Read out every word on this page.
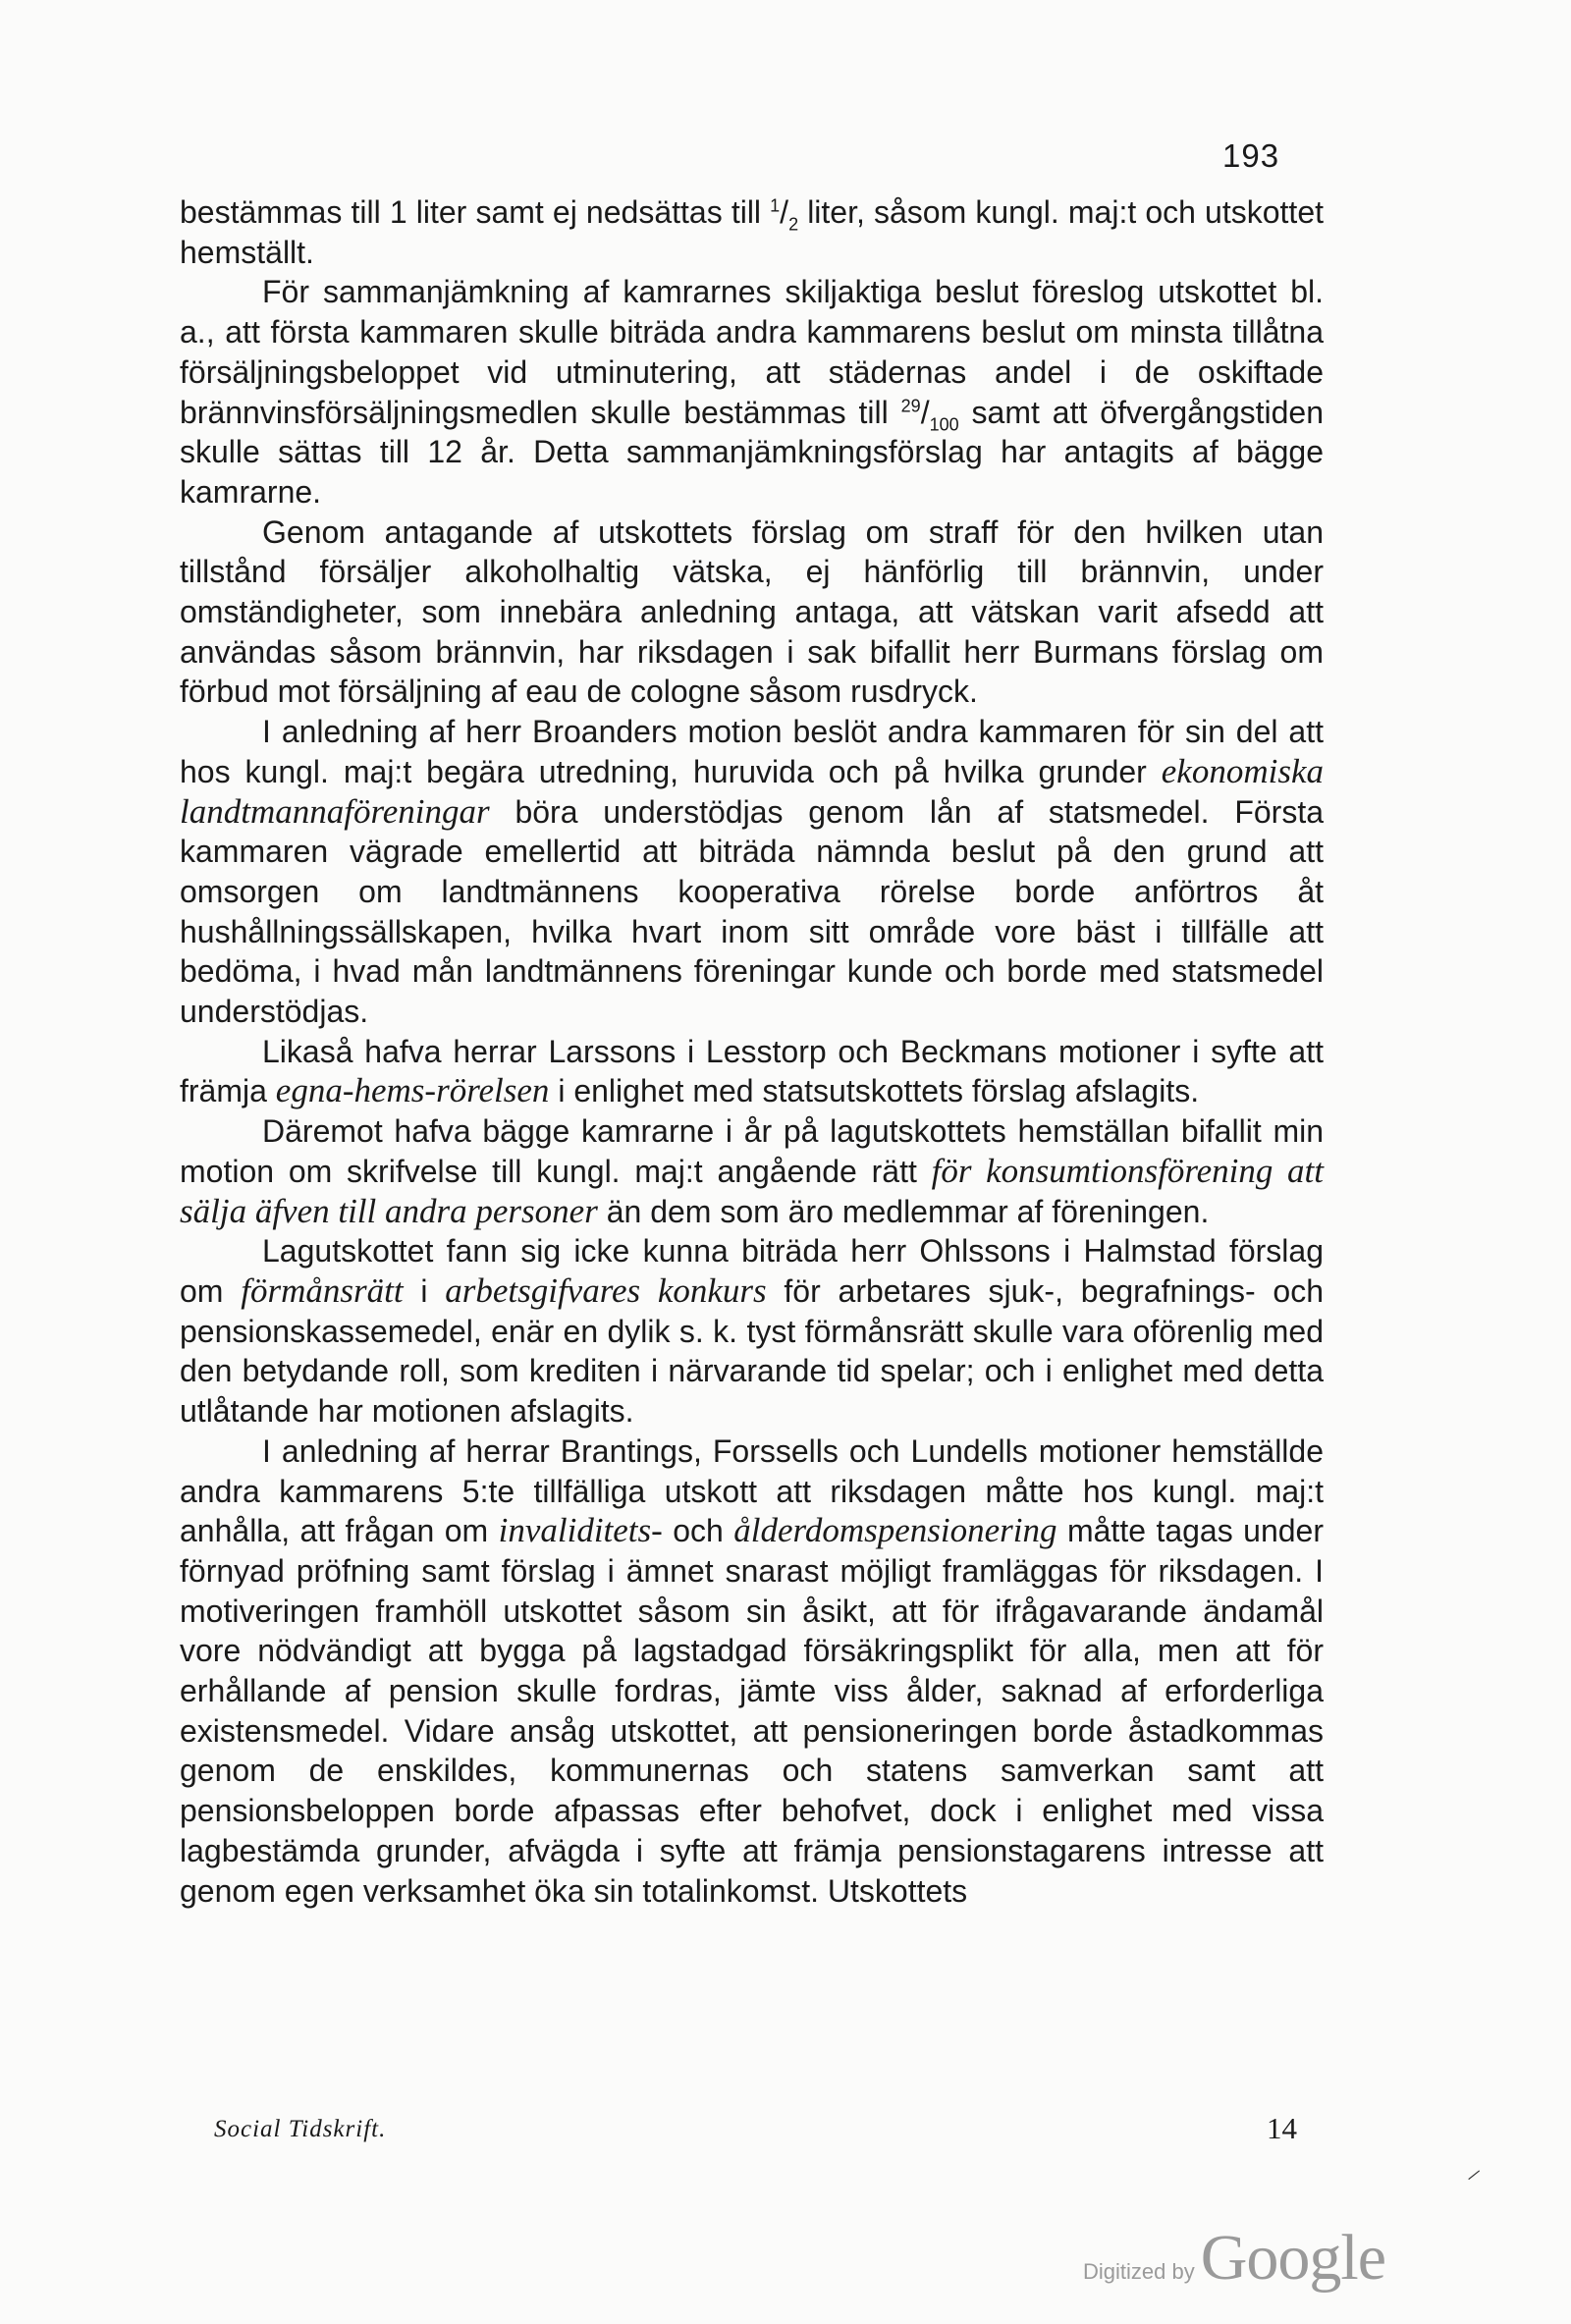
193

bestämmas till 1 liter samt ej nedsättas till $^1/_2$ liter, såsom kungl. maj:t och utskottet hemställt.

För sammanjämkning af kamrarnes skiljaktiga beslut föreslog utskottet bl. a., att första kammaren skulle biträda andra kammarens beslut om minsta tillåtna försäljningsbeloppet vid utminutering, att städernas andel i de oskiftade brännvinsförsäljningsmedlen skulle bestämmas till $^{29}/_{100}$ samt att öfvergångstiden skulle sättas till 12 år. Detta sammanjämkningsförslag har antagits af bägge kamrarne.

Genom antagande af utskottets förslag om straff för den hvilken utan tillstånd försäljer alkoholhaltig vätska, ej hänförlig till brännvin, under omständigheter, som innebära anledning antaga, att vätskan varit afsedd att användas såsom brännvin, har riksdagen i sak bifallit herr Burmans förslag om förbud mot försäljning af eau de cologne såsom rusdryck.

I anledning af herr Broanders motion beslöt andra kammaren för sin del att hos kungl. maj:t begära utredning, huruvida och på hvilka grunder ekonomiska landtmannaföreningar böra understödjas genom lån af statsmedel. Första kammaren vägrade emellertid att biträda nämnda beslut på den grund att omsorgen om landtmännens kooperativa rörelse borde anförtros åt hushållningssällskapen, hvilka hvart inom sitt område vore bäst i tillfälle att bedöma, i hvad mån landtmännens föreningar kunde och borde med statsmedel understödjas.

Likaså hafva herrar Larssons i Lesstorp och Beckmans motioner i syfte att främja egna-hems-rörelsen i enlighet med statsutskottets förslag afslagits.

Däremot hafva bägge kamrarne i år på lagutskottets hemställan bifallit min motion om skrifvelse till kungl. maj:t angående rätt för konsumtionsförening att sälja äfven till andra personer än dem som äro medlemmar af föreningen.

Lagutskottet fann sig icke kunna biträda herr Ohlssons i Halmstad förslag om förmånsrätt i arbetsgifvares konkurs för arbetares sjuk-, begrafnings- och pensionskassemedel, enär en dylik s. k. tyst förmånsrätt skulle vara oförenlig med den betydande roll, som krediten i närvarande tid spelar; och i enlighet med detta utlåtande har motionen afslagits.

I anledning af herrar Brantings, Forssells och Lundells motioner hemställde andra kammarens 5:te tillfälliga utskott att riksdagen måtte hos kungl. maj:t anhålla, att frågan om invaliditets- och ålderdomspensionering måtte tagas under förnyad pröfning samt förslag i ämnet snarast möjligt framläggas för riksdagen. I motiveringen framhöll utskottet såsom sin åsikt, att för ifrågavarande ändamål vore nödvändigt att bygga på lagstadgad försäkringsplikt för alla, men att för erhållande af pension skulle fordras, jämte viss ålder, saknad af erforderliga existensmedel. Vidare ansåg utskottet, att pensioneringen borde åstadkommas genom de enskildes, kommunernas och statens samverkan samt att pensionsbeloppen borde afpassas efter behofvet, dock i enlighet med vissa lagbestämda grunder, afvägda i syfte att främja pensionstagarens intresse att genom egen verksamhet öka sin totalinkomst. Utskottets

Social Tidskrift.	14
⸝
Digitized by Google
